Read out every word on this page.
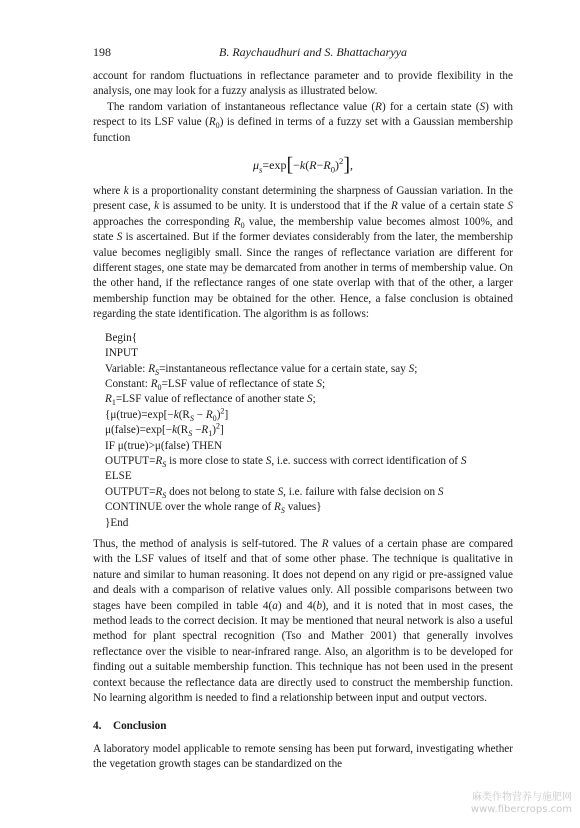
198	B. Raychaudhuri and S. Bhattacharyya

account for random fluctuations in reflectance parameter and to provide flexibility in the analysis, one may look for a fuzzy analysis as illustrated below.

The random variation of instantaneous reflectance value (R) for a certain state (S) with respect to its LSF value $(R_0)$ is defined in terms of a fuzzy set with a Gaussian membership function

$\mu_s=\exp[-k(R-R_0)^2]$,

where k is a proportionality constant determining the sharpness of Gaussian variation. In the present case, k is assumed to be unity. It is understood that if the R value of a certain state S approaches the corresponding $R_0$ value, the membership value becomes almost 100%, and state S is ascertained. But if the former deviates considerably from the later, the membership value becomes negligibly small. Since the ranges of reflectance variation are different for different stages, one state may be demarcated from another in terms of membership value. On the other hand, if the reflectance ranges of one state overlap with that of the other, a larger membership function may be obtained for the other. Hence, a false conclusion is obtained regarding the state identification. The algorithm is as follows:

Begin{
INPUT
Variable: $R_S=instantaneous$ reflectance value for a certain state, say S;
Constant: $R_0=LSF$ value of reflectance of state S;
$R_1=LSF$ value of reflectance of another state S;
{$\mu(true)=\exp[-k(R_S - R_0)^2]$
$\mu(false)=\exp[-k(R_S -R_1)^2]$
IF μ(true)>μ(false) THEN
$OUTPUT=R_S$ is more close to state S, i.e. success with correct identification of S
ELSE
$OUTPUT=R_S$ does not belong to state S, i.e. failure with false decision on S
CONTINUE over the whole range of $R_S$ values}
}End

Thus, the method of analysis is self-tutored. The R values of a certain phase are compared with the LSF values of itself and that of some other phase. The technique is qualitative in nature and similar to human reasoning. It does not depend on any rigid or pre-assigned value and deals with a comparison of relative values only. All possible comparisons between two stages have been compiled in table 4(a) and 4(b), and it is noted that in most cases, the method leads to the correct decision. It may be mentioned that neural network is also a useful method for plant spectral recognition (Tso and Mather 2001) that generally involves reflectance over the visible to near-infrared range. Also, an algorithm is to be developed for finding out a suitable membership function. This technique has not been used in the present context because the reflectance data are directly used to construct the membership function. No learning algorithm is needed to find a relationship between input and output vectors.

4. Conclusion

A laboratory model applicable to remote sensing has been put forward, investigating whether the vegetation growth stages can be standardized on the

麻类作物营养与施肥网
www.fibercrops.com
